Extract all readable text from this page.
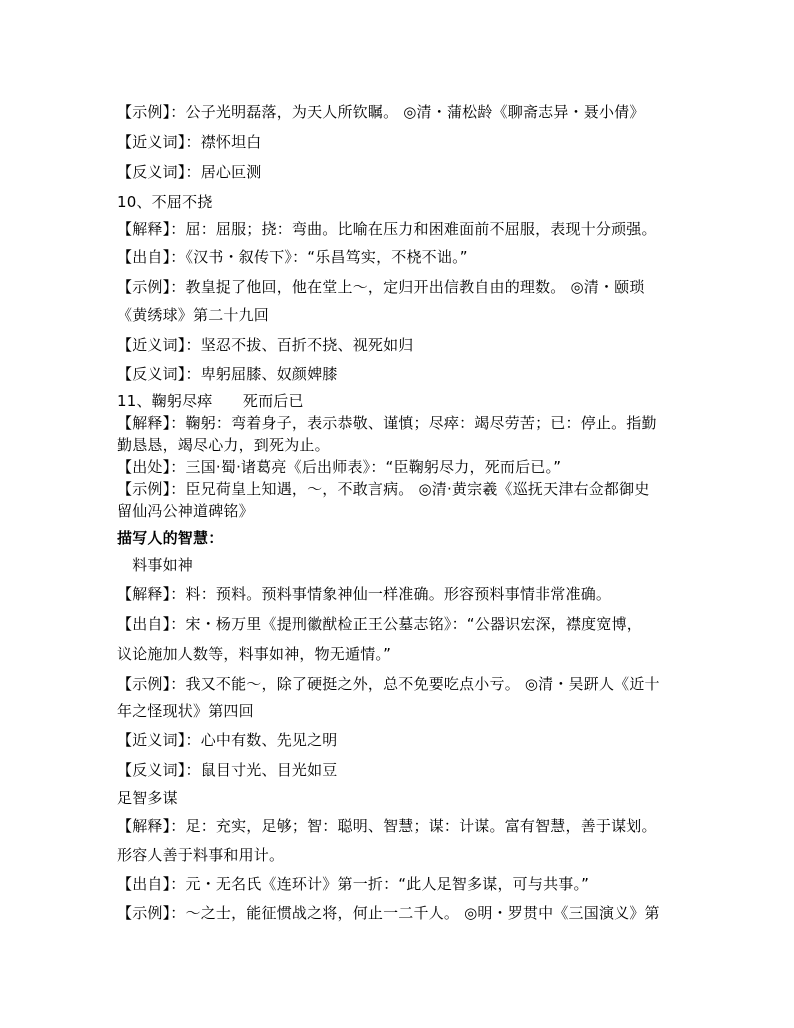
【示例】：公子光明磊落，为天人所钦瞩。 ◎清・蒲松龄《聊斋志异・聂小倩》
【近义词】：襟怀坦白
【反义词】：居心叵测
10、不屈不挠
【解释】：屈：屈服；挠：弯曲。比喻在压力和困难面前不屈服，表现十分顽强。
【出自】：《汉书・叙传下》：“乐昌笃实，不桡不诎。”
【示例】：教皇捉了他回，他在堂上～，定归开出信教自由的理数。 ◎清・颐琐
《黄绣球》第二十九回
【近义词】：坚忍不拔、百折不挠、视死如归
【反义词】：卑躬屈膝、奴颜婢膝
11、鞠躬尽瘁　　死而后已
【解释】：鞠躬：弯着身子，表示恭敬、谨慎；尽瘁：竭尽劳苦；已：停止。指勤
勤恳恳，竭尽心力，到死为止。
【出处】：三国·蜀·诸葛亮《后出师表》：“臣鞠躬尽力，死而后已。”
【示例】：臣兄荷皇上知遇，～，不敢言病。 ◎清·黄宗羲《巡抚天津右佥都御史
留仙冯公神道碑铭》
描写人的智慧：
　料事如神
【解释】：料：预料。预料事情象神仙一样准确。形容预料事情非常准确。
【出自】：宋・杨万里《提刑徽猷检正王公墓志铭》：“公器识宏深，襟度宽博，
议论施加人数等，料事如神，物无遁情。”
【示例】：我又不能～，除了硬挺之外，总不免要吃点小亏。 ◎清・吴趼人《近十
年之怪现状》第四回
【近义词】：心中有数、先见之明
【反义词】：鼠目寸光、目光如豆
足智多谋
【解释】：足：充实，足够；智：聪明、智慧；谋：计谋。富有智慧，善于谋划。
形容人善于料事和用计。
【出自】：元・无名氏《连环计》第一折：“此人足智多谋，可与共事。”
【示例】：～之士，能征惯战之将，何止一二千人。 ◎明・罗贯中《三国演义》第
